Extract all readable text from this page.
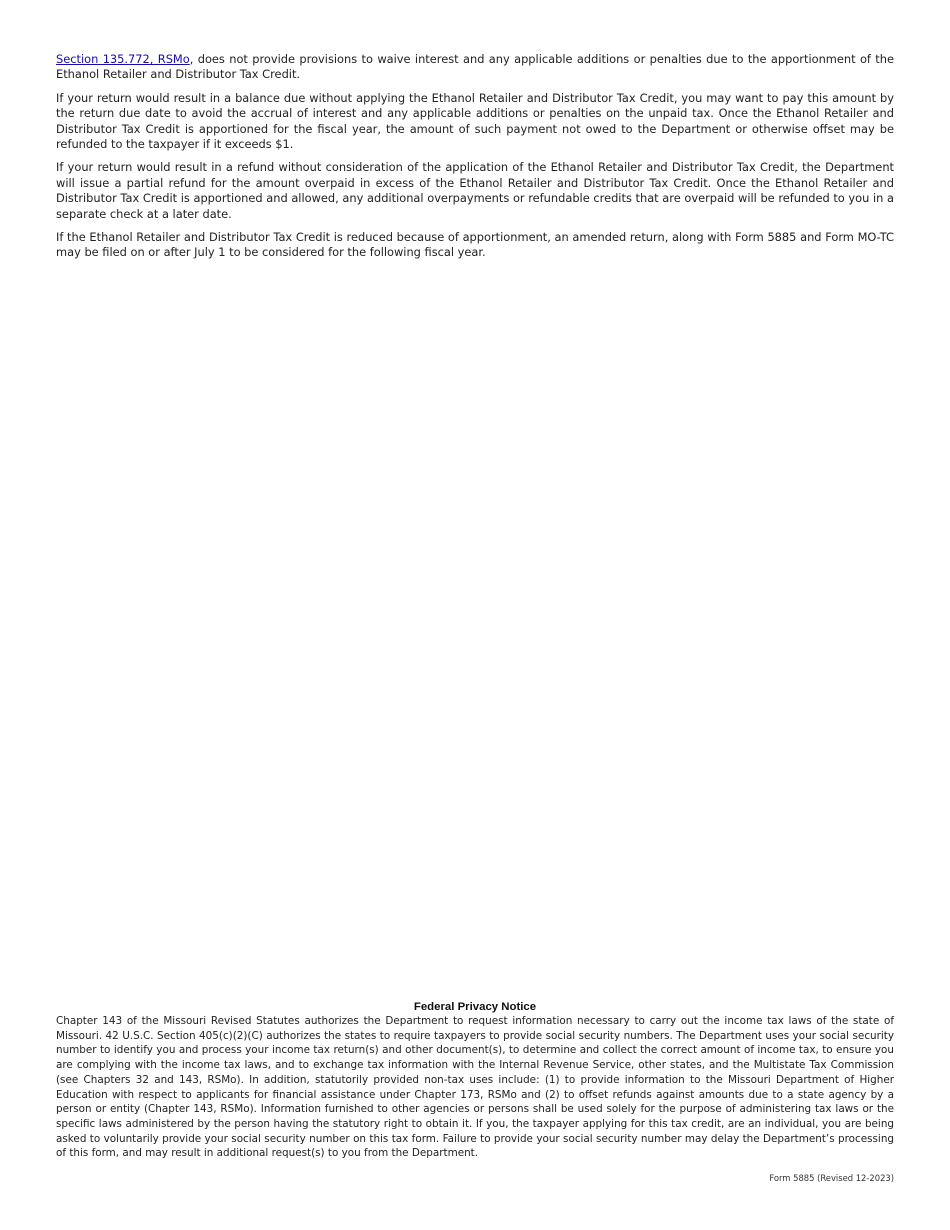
Section 135.772, RSMo, does not provide provisions to waive interest and any applicable additions or penalties due to the apportionment of the Ethanol Retailer and Distributor Tax Credit.

If your return would result in a balance due without applying the Ethanol Retailer and Distributor Tax Credit, you may want to pay this amount by the return due date to avoid the accrual of interest and any applicable additions or penalties on the unpaid tax. Once the Ethanol Retailer and Distributor Tax Credit is apportioned for the fiscal year, the amount of such payment not owed to the Department or otherwise offset may be refunded to the taxpayer if it exceeds $1.

If your return would result in a refund without consideration of the application of the Ethanol Retailer and Distributor Tax Credit, the Department will issue a partial refund for the amount overpaid in excess of the Ethanol Retailer and Distributor Tax Credit. Once the Ethanol Retailer and Distributor Tax Credit is apportioned and allowed, any additional overpayments or refundable credits that are overpaid will be refunded to you in a separate check at a later date.

If the Ethanol Retailer and Distributor Tax Credit is reduced because of apportionment, an amended return, along with Form 5885 and Form MO-TC may be filed on or after July 1 to be considered for the following fiscal year.

Federal Privacy Notice

Chapter 143 of the Missouri Revised Statutes authorizes the Department to request information necessary to carry out the income tax laws of the state of Missouri. 42 U.S.C. Section 405(c)(2)(C) authorizes the states to require taxpayers to provide social security numbers. The Department uses your social security number to identify you and process your income tax return(s) and other document(s), to determine and collect the correct amount of income tax, to ensure you are complying with the income tax laws, and to exchange tax information with the Internal Revenue Service, other states, and the Multistate Tax Commission (see Chapters 32 and 143, RSMo). In addition, statutorily provided non-tax uses include: (1) to provide information to the Missouri Department of Higher Education with respect to applicants for financial assistance under Chapter 173, RSMo and (2) to offset refunds against amounts due to a state agency by a person or entity (Chapter 143, RSMo). Information furnished to other agencies or persons shall be used solely for the purpose of administering tax laws or the specific laws administered by the person having the statutory right to obtain it. If you, the taxpayer applying for this tax credit, are an individual, you are being asked to voluntarily provide your social security number on this tax form. Failure to provide your social security number may delay the Department’s processing of this form, and may result in additional request(s) to you from the Department.

Form 5885 (Revised 12-2023)
